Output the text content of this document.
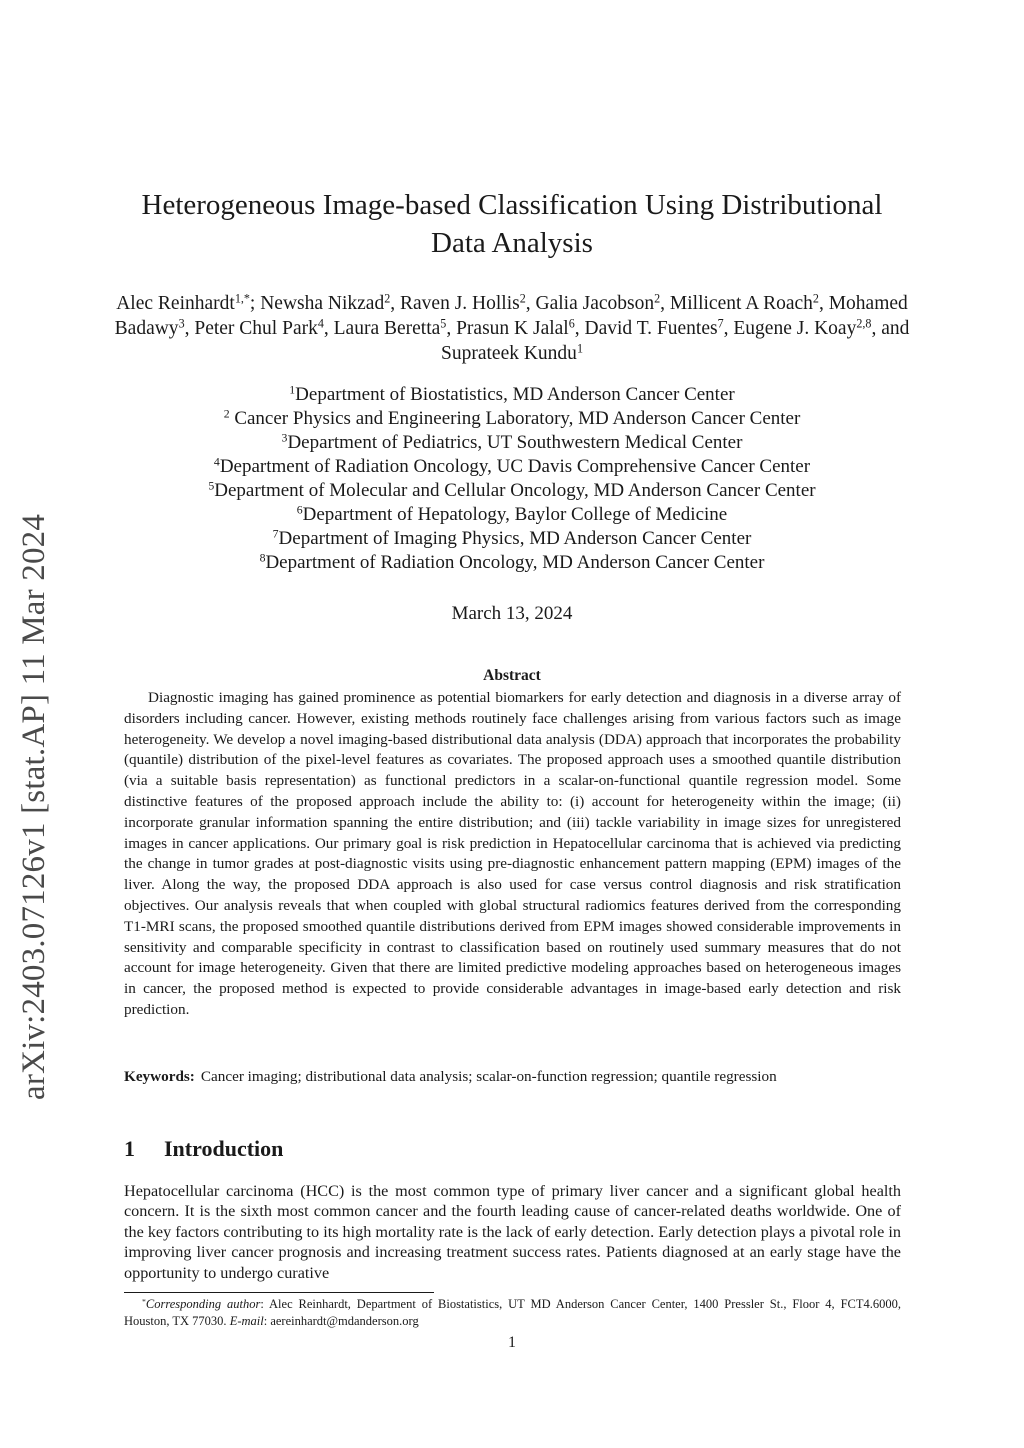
arXiv:2403.07126v1 [stat.AP] 11 Mar 2024
Heterogeneous Image-based Classification Using Distributional
Data Analysis
Alec Reinhardt$^{1,*}$; Newsha Nikzad$^2$, Raven J. Hollis$^2$, Galia Jacobson$^2$, Millicent A Roach$^2$, Mohamed Badawy$^3$, Peter Chul Park$^4$, Laura Beretta$^5$, Prasun K Jalal$^6$, David T. Fuentes$^7$, Eugene J. Koay$^{2,8}$, and Suprateek Kundu$^1$
$^1$Department of Biostatistics, MD Anderson Cancer Center
$^2$ Cancer Physics and Engineering Laboratory, MD Anderson Cancer Center
$^3$Department of Pediatrics, UT Southwestern Medical Center
$^4$Department of Radiation Oncology, UC Davis Comprehensive Cancer Center
$^5$Department of Molecular and Cellular Oncology, MD Anderson Cancer Center
$^6$Department of Hepatology, Baylor College of Medicine
$^7$Department of Imaging Physics, MD Anderson Cancer Center
$^8$Department of Radiation Oncology, MD Anderson Cancer Center
March 13, 2024
Abstract
Diagnostic imaging has gained prominence as potential biomarkers for early detection and diagnosis in a diverse array of disorders including cancer. However, existing methods routinely face challenges arising from various factors such as image heterogeneity. We develop a novel imaging-based distributional data analysis (DDA) approach that incorporates the probability (quantile) distribution of the pixel-level features as covariates. The proposed approach uses a smoothed quantile distribution (via a suitable basis representation) as functional predictors in a scalar-on-functional quantile regression model. Some distinctive features of the proposed approach include the ability to: (i) account for heterogeneity within the image; (ii) incorporate granular information spanning the entire distribution; and (iii) tackle variability in image sizes for unregistered images in cancer applications. Our primary goal is risk prediction in Hepatocellular carcinoma that is achieved via predicting the change in tumor grades at post-diagnostic visits using pre-diagnostic enhancement pattern mapping (EPM) images of the liver. Along the way, the proposed DDA approach is also used for case versus control diagnosis and risk stratification objectives. Our analysis reveals that when coupled with global structural radiomics features derived from the corresponding T1-MRI scans, the proposed smoothed quantile distributions derived from EPM images showed considerable improvements in sensitivity and comparable specificity in contrast to classification based on routinely used summary measures that do not account for image heterogeneity. Given that there are limited predictive modeling approaches based on heterogeneous images in cancer, the proposed method is expected to provide considerable advantages in image-based early detection and risk prediction.
Keywords: Cancer imaging; distributional data analysis; scalar-on-function regression; quantile regression
1 Introduction
Hepatocellular carcinoma (HCC) is the most common type of primary liver cancer and a significant global health concern. It is the sixth most common cancer and the fourth leading cause of cancer-related deaths worldwide. One of the key factors contributing to its high mortality rate is the lack of early detection. Early detection plays a pivotal role in improving liver cancer prognosis and increasing treatment success rates. Patients diagnosed at an early stage have the opportunity to undergo curative
*Corresponding author: Alec Reinhardt, Department of Biostatistics, UT MD Anderson Cancer Center, 1400 Pressler St., Floor 4, FCT4.6000, Houston, TX 77030. E-mail: aereinhardt@mdanderson.org
1
